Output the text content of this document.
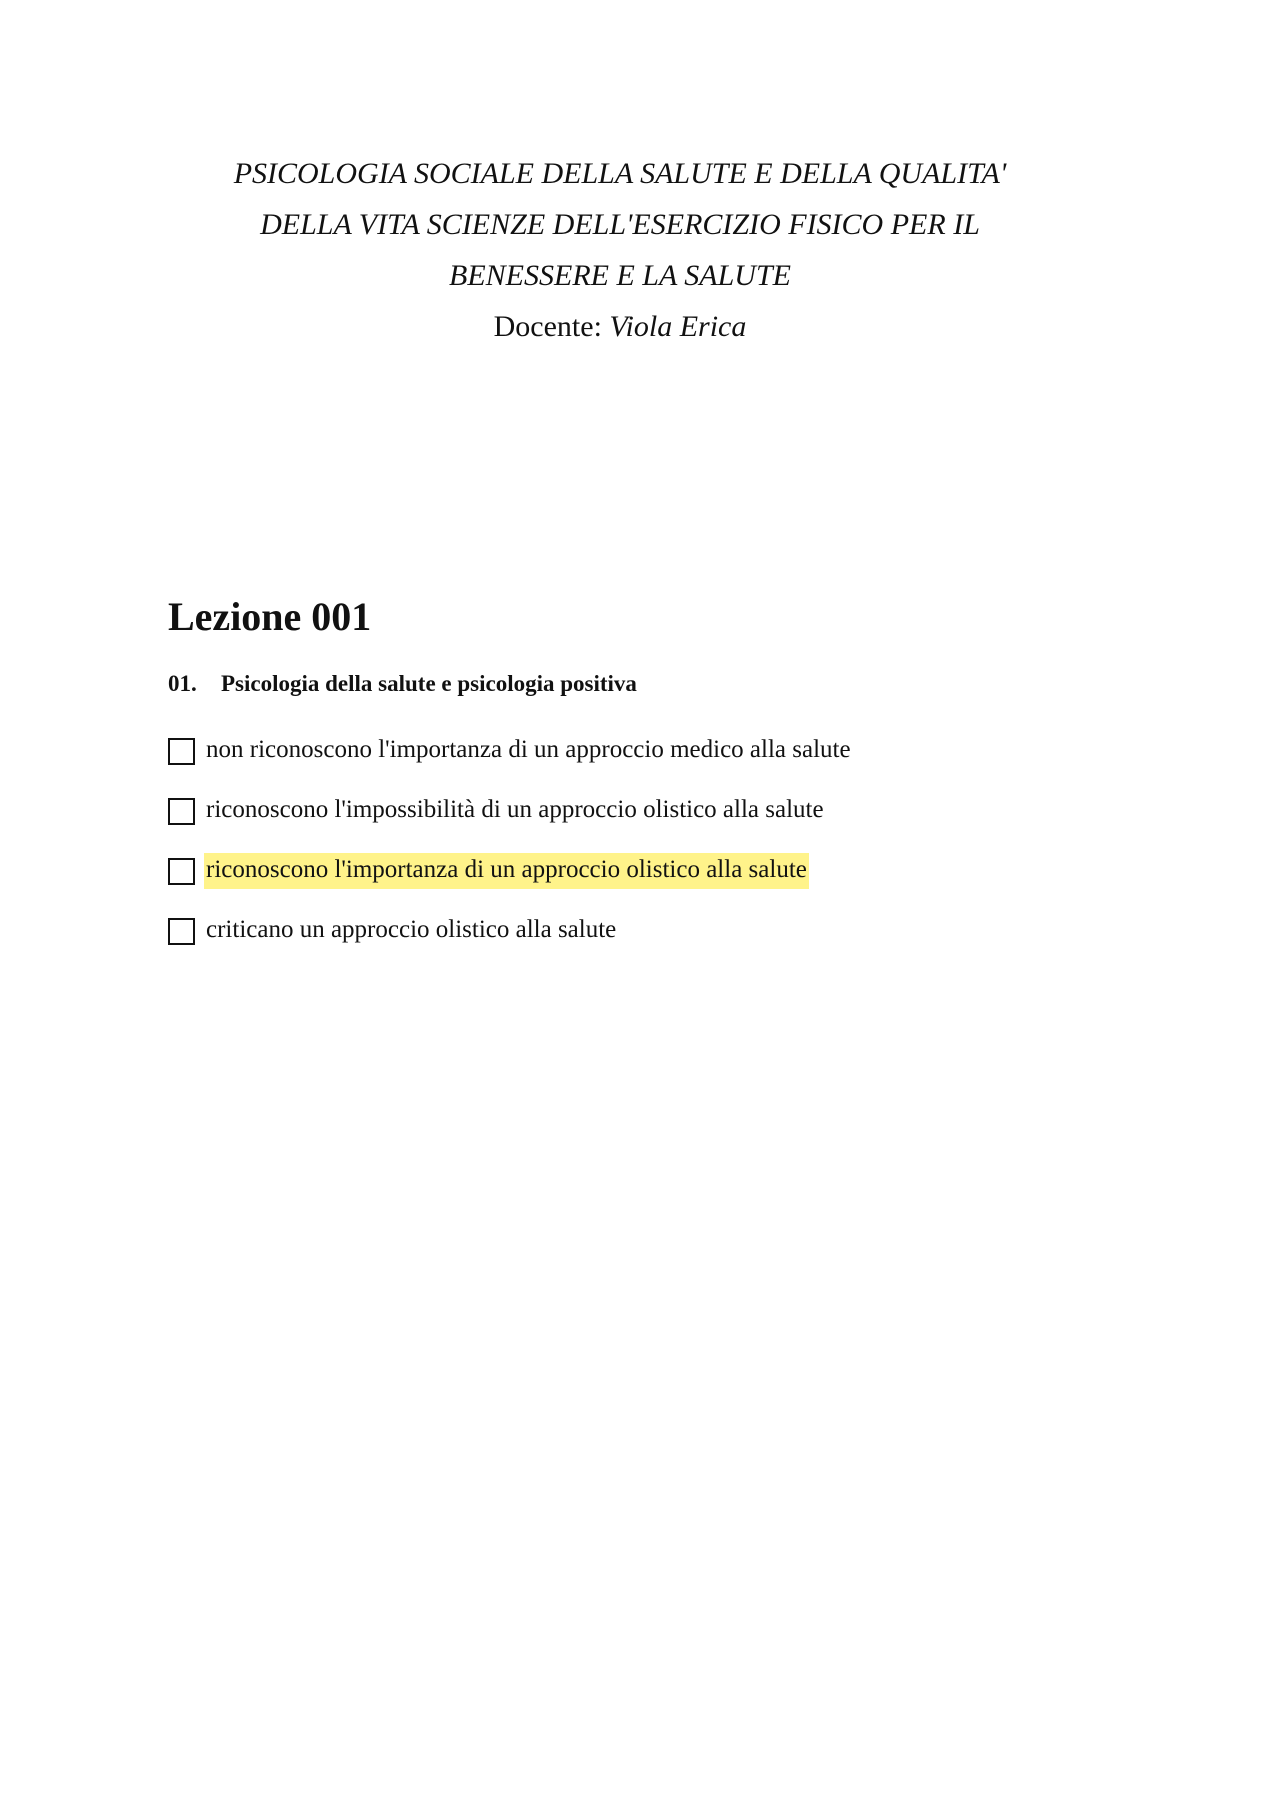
PSICOLOGIA SOCIALE DELLA SALUTE E DELLA QUALITA'

DELLA VITA SCIENZE DELL'ESERCIZIO FISICO PER IL

BENESSERE E LA SALUTE

Docente: Viola Erica

Lezione 001

01. Psicologia della salute e psicologia positiva

non riconoscono l'importanza di un approccio medico alla salute
riconoscono l'impossibilità di un approccio olistico alla salute
riconoscono l'importanza di un approccio olistico alla salute
criticano un approccio olistico alla salute
